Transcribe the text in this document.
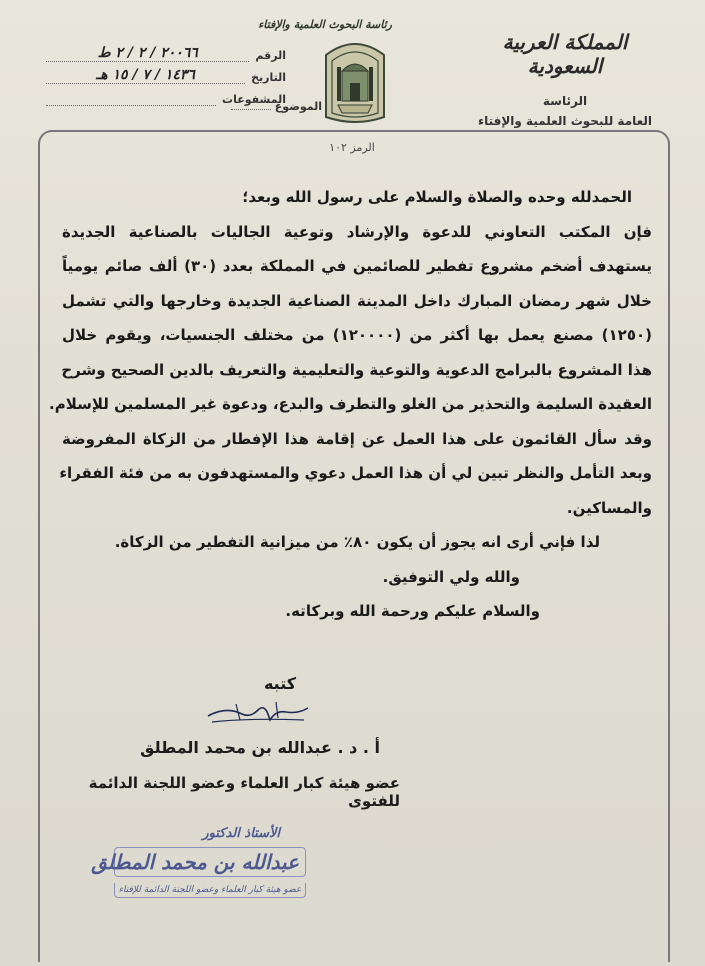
المملكة العربية السعودية
الرئاسة
العامة للبحوث العلمية والإفتاء
رئاسة البحوث العلمية والإفتاء
الرقم
٢٠٠٦٦ / ٢ / ٢ ط
التاريخ
١٤٣٦ / ٧ / ١٥ هـ
المشفوعات
الموضوع
الرمز ١٠٢
الحمدلله وحده والصلاة والسلام على رسول الله وبعد؛
فإن المكتب التعاوني للدعوة والإرشاد وتوعية الجاليات بالصناعية الجديدة
يستهدف أضخم مشروع تفطير للصائمين في المملكة بعدد (٣٠) ألف صائم يومياً
خلال شهر رمضان المبارك داخل المدينة الصناعية الجديدة وخارجها والتي تشمل
(١٢٥٠) مصنع يعمل بها أكثر من (١٢٠٠٠٠) من مختلف الجنسيات، ويقوم خلال
هذا المشروع بالبرامج الدعوية والتوعية والتعليمية والتعريف بالدين الصحيح وشرح
العقيدة السليمة والتحذير من الغلو والتطرف والبدع، ودعوة غير المسلمين للإسلام.
وقد سأل القائمون على هذا العمل عن إقامة هذا الإفطار من الزكاة المفروضة
وبعد التأمل والنظر تبين لي أن هذا العمل دعوي والمستهدفون به من فئة الفقراء
والمساكين.
لذا فإني أرى انه يجوز أن يكون ٨٠٪ من ميزانية التفطير من الزكاة.
والله ولي التوفيق.
والسلام عليكم ورحمة الله وبركاته.
كتبه
أ . د . عبدالله بن محمد المطلق
عضو هيئة كبار العلماء وعضو اللجنة الدائمة للفتوى
الأستاذ الدكتور
عبدالله بن محمد المطلق عضو هيئة كبار العلماء وعضو اللجنة الدائمة للإفتاء
